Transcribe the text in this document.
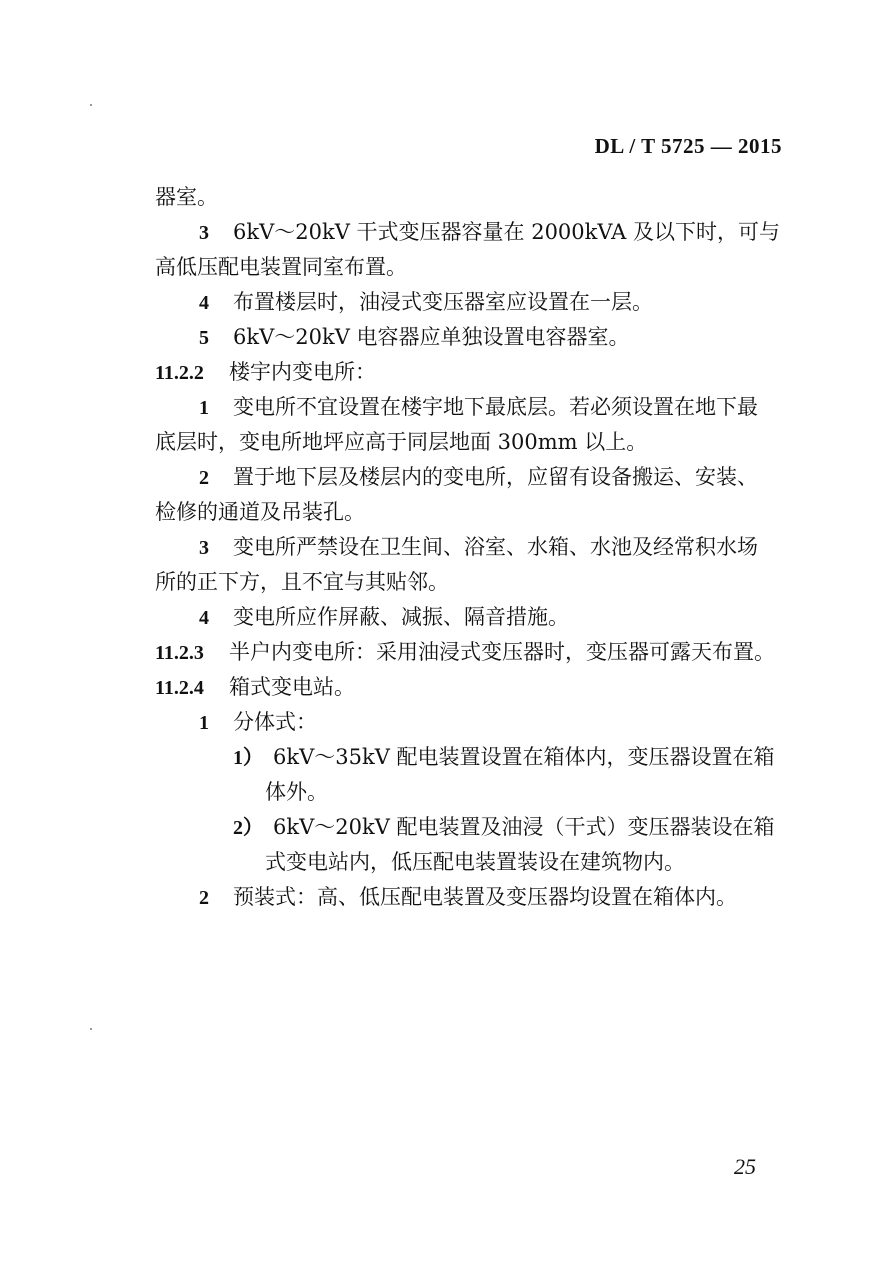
DL / T 5725 — 2015
器室。
3 6kV～20kV 干式变压器容量在 2000kVA 及以下时，可与
高低压配电装置同室布置。
4 布置楼层时，油浸式变压器室应设置在一层。
5 6kV～20kV 电容器应单独设置电容器室。
11.2.2 楼宇内变电所：
1 变电所不宜设置在楼宇地下最底层。若必须设置在地下最
底层时，变电所地坪应高于同层地面 300mm 以上。
2 置于地下层及楼层内的变电所，应留有设备搬运、安装、
检修的通道及吊装孔。
3 变电所严禁设在卫生间、浴室、水箱、水池及经常积水场
所的正下方，且不宜与其贴邻。
4 变电所应作屏蔽、减振、隔音措施。
11.2.3 半户内变电所：采用油浸式变压器时，变压器可露天布置。
11.2.4 箱式变电站。
1 分体式：
1） 6kV～35kV 配电装置设置在箱体内，变压器设置在箱
体外。
2） 6kV～20kV 配电装置及油浸（干式）变压器装设在箱
式变电站内，低压配电装置装设在建筑物内。
2 预装式：高、低压配电装置及变压器均设置在箱体内。
25
